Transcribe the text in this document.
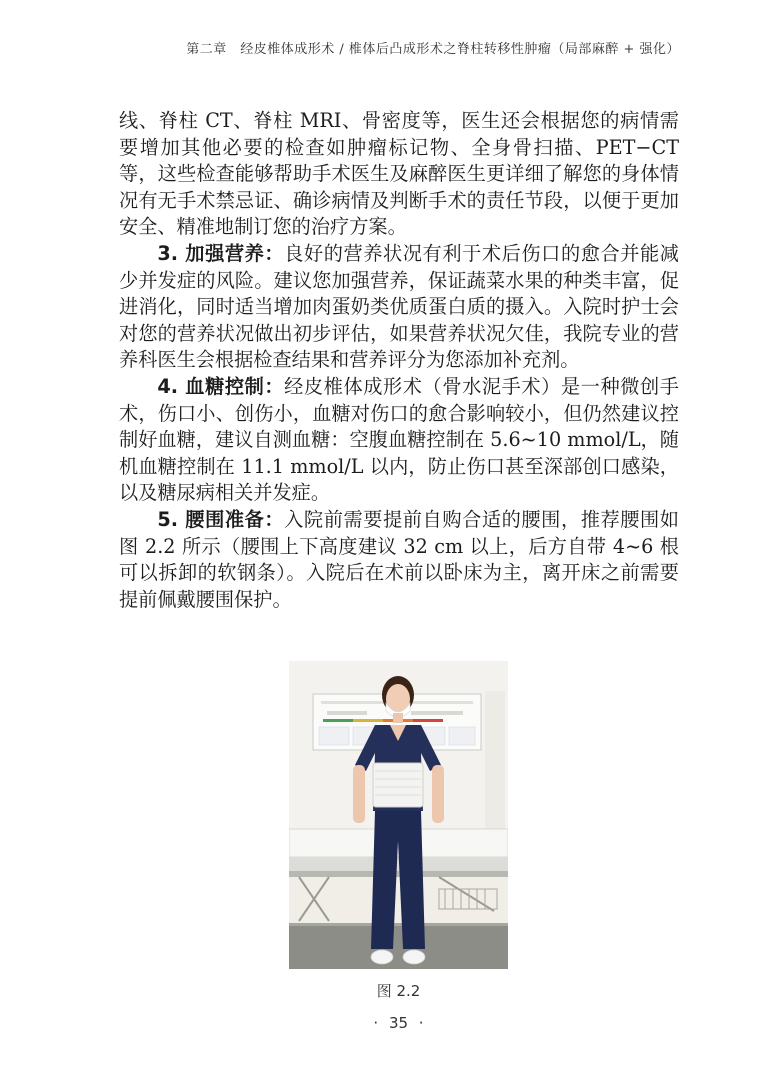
第二章　经皮椎体成形术 / 椎体后凸成形术之脊柱转移性肿瘤（局部麻醉 + 强化）

线、脊柱 CT、脊柱 MRI、骨密度等，医生还会根据您的病情需要增加其他必要的检查如肿瘤标记物、全身骨扫描、PET−CT 等，这些检查能够帮助手术医生及麻醉医生更详细了解您的身体情况有无手术禁忌证、确诊病情及判断手术的责任节段，以便于更加安全、精准地制订您的治疗方案。

3. 加强营养：良好的营养状况有利于术后伤口的愈合并能减少并发症的风险。建议您加强营养，保证蔬菜水果的种类丰富，促进消化，同时适当增加肉蛋奶类优质蛋白质的摄入。入院时护士会对您的营养状况做出初步评估，如果营养状况欠佳，我院专业的营养科医生会根据检查结果和营养评分为您添加补充剂。

4. 血糖控制：经皮椎体成形术（骨水泥手术）是一种微创手术，伤口小、创伤小，血糖对伤口的愈合影响较小，但仍然建议控制好血糖，建议自测血糖：空腹血糖控制在 5.6~10 mmol/L，随机血糖控制在 11.1 mmol/L 以内，防止伤口甚至深部创口感染，以及糖尿病相关并发症。

5. 腰围准备：入院前需要提前自购合适的腰围，推荐腰围如图 2.2 所示（腰围上下高度建议 32 cm 以上，后方自带 4~6 根可以拆卸的软钢条）。入院后在术前以卧床为主，离开床之前需要提前佩戴腰围保护。

图 2.2
· 35 ·
